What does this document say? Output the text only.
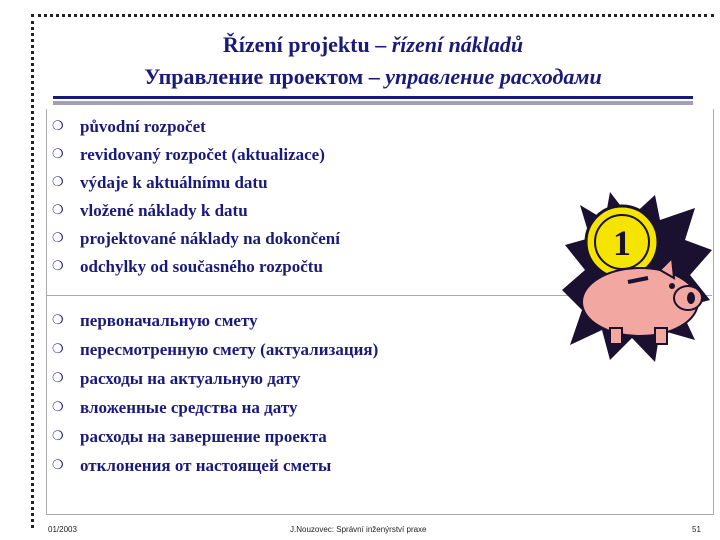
Řízení projektu – řízení nákladů
Управление проектом – управление расходами
❍ původní rozpočet
❍ revidovaný rozpočet (aktualizace)
❍ výdaje k aktuálnímu datu
❍ vložené náklady k datu
❍ projektované náklady na dokončení
❍ odchylky od současného rozpočtu
❍ первоначальную смету
❍ пересмотренную смету (актуализация)
❍ расходы на актуальную дату
❍ вложенные средства на дату
❍ расходы на завершение проекта
❍ отклонения от настоящей сметы
1
01/2003	J.Nouzovec: Správní inženýrství praxe	51
